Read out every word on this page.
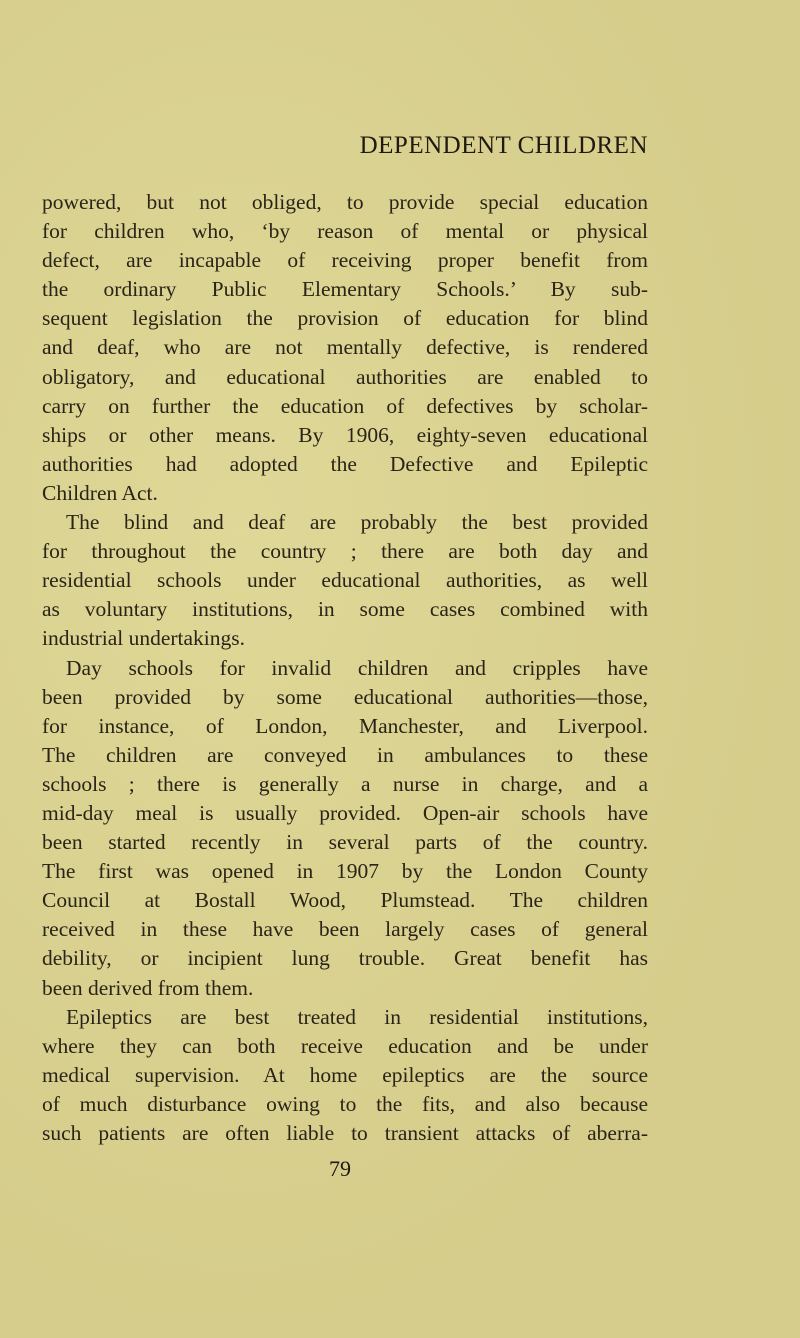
DEPENDENT CHILDREN
powered, but not obliged, to provide special education
for children who, ‘by reason of mental or physical
defect, are incapable of receiving proper benefit from
the ordinary Public Elementary Schools.’ By sub-
sequent legislation the provision of education for blind
and deaf, who are not mentally defective, is rendered
obligatory, and educational authorities are enabled to
carry on further the education of defectives by scholar-
ships or other means. By 1906, eighty-seven educational
authorities had adopted the Defective and Epileptic
Children Act.
The blind and deaf are probably the best provided
for throughout the country ; there are both day and
residential schools under educational authorities, as well
as voluntary institutions, in some cases combined with
industrial undertakings.
Day schools for invalid children and cripples have
been provided by some educational authorities—those,
for instance, of London, Manchester, and Liverpool.
The children are conveyed in ambulances to these
schools ; there is generally a nurse in charge, and a
mid-day meal is usually provided. Open-air schools have
been started recently in several parts of the country.
The first was opened in 1907 by the London County
Council at Bostall Wood, Plumstead. The children
received in these have been largely cases of general
debility, or incipient lung trouble. Great benefit has
been derived from them.
Epileptics are best treated in residential institutions,
where they can both receive education and be under
medical supervision. At home epileptics are the source
of much disturbance owing to the fits, and also because
such patients are often liable to transient attacks of aberra-
79
